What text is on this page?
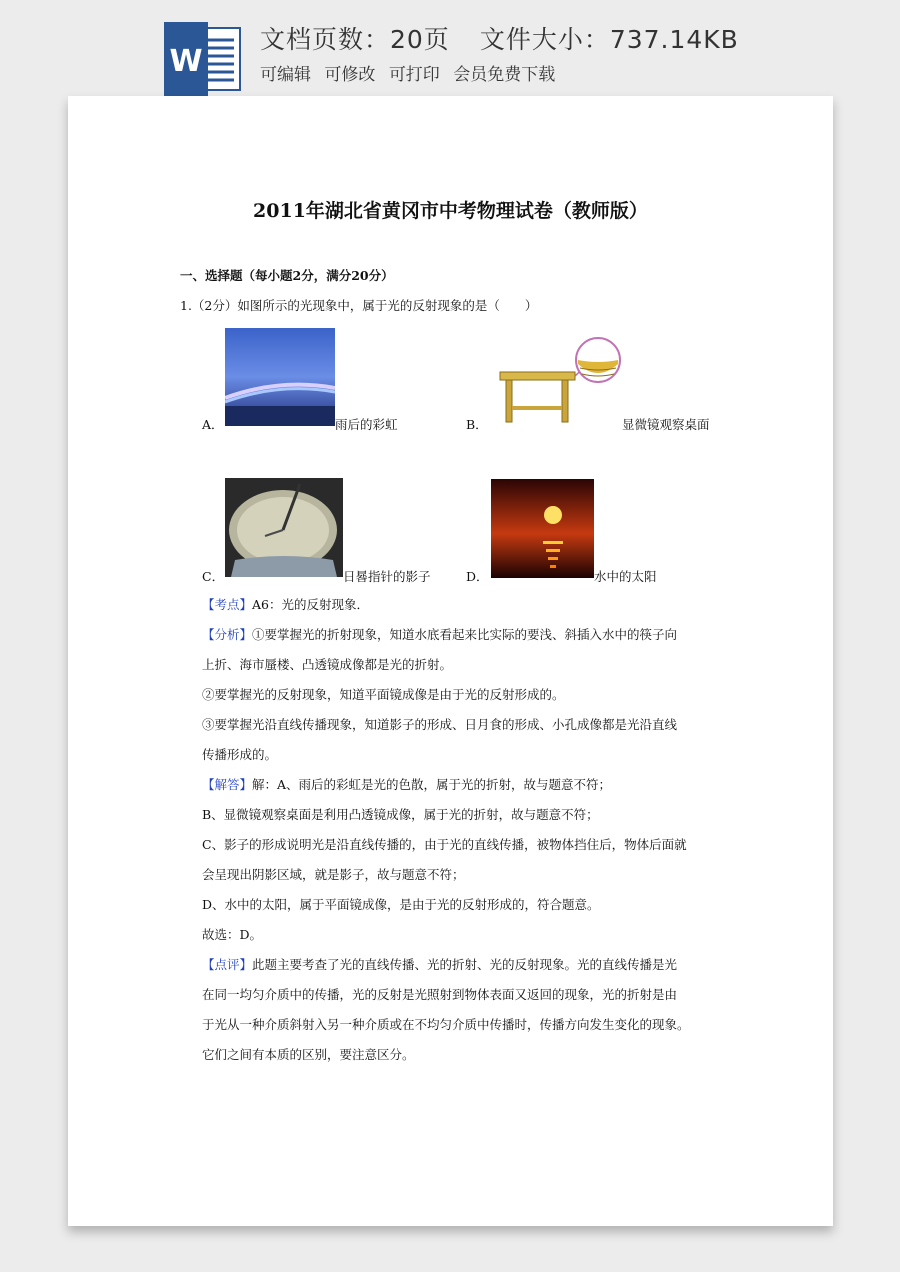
W
文档页数：20页 文件大小：737.14KB
可编辑 可修改 可打印 会员免费下载
2011年湖北省黄冈市中考物理试卷（教师版）
一、选择题（每小题2分，满分20分）
1.（2分）如图所示的光现象中，属于光的反射现象的是（　　）
A．	雨后的彩虹	B．	显微镜观察桌面
C．	日晷指针的影子	D．	水中的太阳
【考点】A6：光的反射现象．
【分析】①要掌握光的折射现象，知道水底看起来比实际的要浅、斜插入水中的筷子向
上折、海市蜃楼、凸透镜成像都是光的折射。
②要掌握光的反射现象，知道平面镜成像是由于光的反射形成的。
③要掌握光沿直线传播现象，知道影子的形成、日月食的形成、小孔成像都是光沿直线
传播形成的。
【解答】解：A、雨后的彩虹是光的色散，属于光的折射，故与题意不符；
B、显微镜观察桌面是利用凸透镜成像，属于光的折射，故与题意不符；
C、影子的形成说明光是沿直线传播的，由于光的直线传播，被物体挡住后，物体后面就
会呈现出阴影区域，就是影子，故与题意不符；
D、水中的太阳，属于平面镜成像，是由于光的反射形成的，符合题意。
故选：D。
【点评】此题主要考查了光的直线传播、光的折射、光的反射现象。光的直线传播是光
在同一均匀介质中的传播，光的反射是光照射到物体表面又返回的现象，光的折射是由
于光从一种介质斜射入另一种介质或在不均匀介质中传播时，传播方向发生变化的现象。
它们之间有本质的区别，要注意区分。
